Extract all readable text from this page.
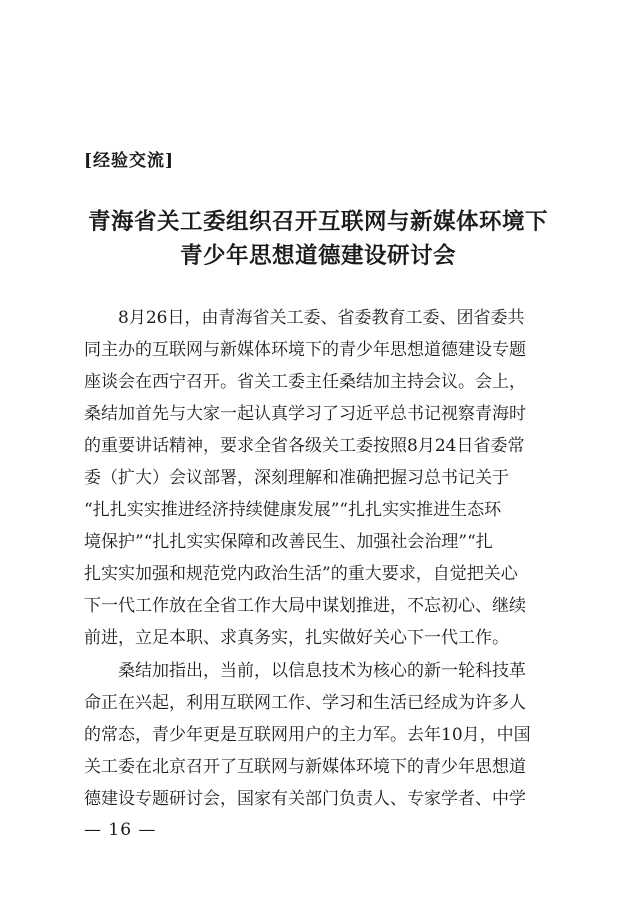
[经验交流]
青海省关工委组织召开互联网与新媒体环境下
青少年思想道德建设研讨会
8月26日，由青海省关工委、省委教育工委、团省委共
同主办的互联网与新媒体环境下的青少年思想道德建设专题
座谈会在西宁召开。省关工委主任桑结加主持会议。会上，
桑结加首先与大家一起认真学习了习近平总书记视察青海时
的重要讲话精神，要求全省各级关工委按照8月24日省委常
委（扩大）会议部署，深刻理解和准确把握习总书记关于
“扎扎实实推进经济持续健康发展”“扎扎实实推进生态环
境保护”“扎扎实实保障和改善民生、加强社会治理”“扎
扎实实加强和规范党内政治生活”的重大要求，自觉把关心
下一代工作放在全省工作大局中谋划推进，不忘初心、继续
前进，立足本职、求真务实，扎实做好关心下一代工作。
桑结加指出，当前，以信息技术为核心的新一轮科技革
命正在兴起，利用互联网工作、学习和生活已经成为许多人
的常态，青少年更是互联网用户的主力军。去年10月，中国
关工委在北京召开了互联网与新媒体环境下的青少年思想道
德建设专题研讨会，国家有关部门负责人、专家学者、中学
— 16 —
